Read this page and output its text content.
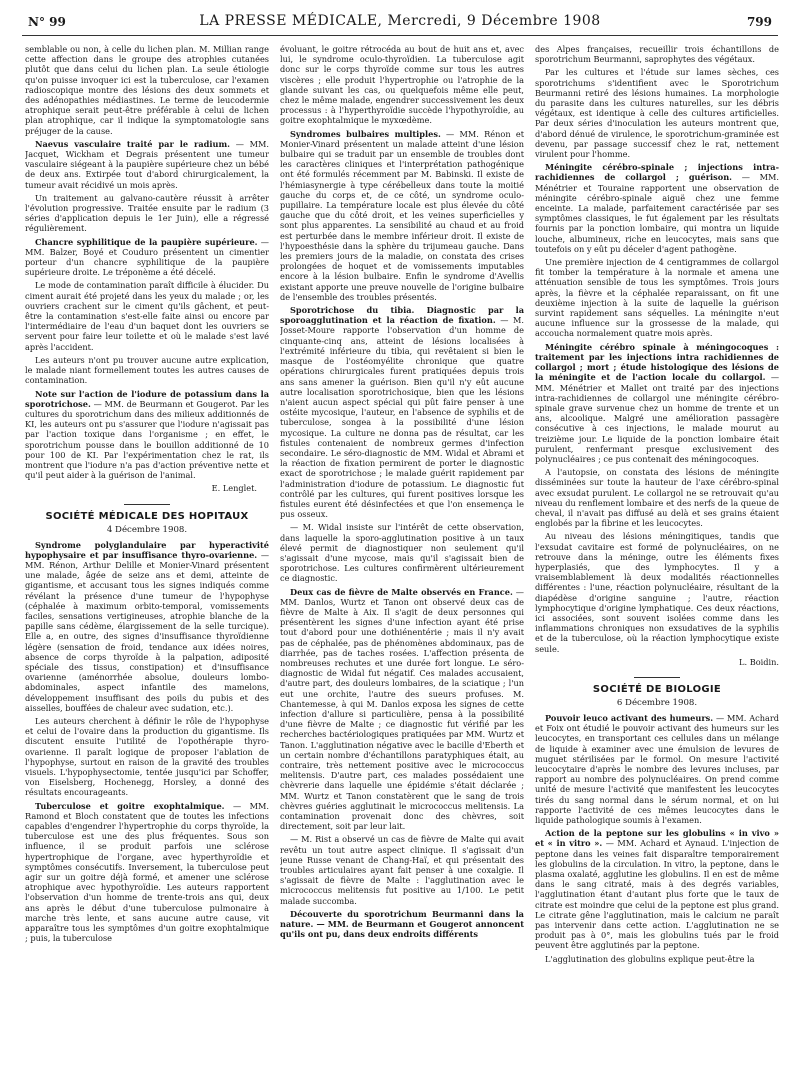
N° 99	LA PRESSE MÉDICALE, Mercredi, 9 Décembre 1908	799

semblable ou non, à celle du lichen plan. M. Millian range cette affection dans le groupe des atrophies cutanées plutôt que dans celui du lichen plan. La seule étiologie qu'on puisse invoquer ici est la tuberculose, car l'examen radioscopique montre des lésions des deux sommets et des adénopathies médiastines. Le terme de leucodermie atrophique serait peut-être préférable à celui de lichen plan atrophique, car il indique la symptomatologie sans préjuger de la cause.

Naevus vasculaire traité par le radium. — MM. Jacquet, Wickham et Degrais présentent une tumeur vasculaire siégeant à la paupière supérieure chez un bébé de deux ans. Extirpée tout d'abord chirurgicalement, la tumeur avait récidivé un mois après.

Un traitement au galvano-cautère réussit à arrêter l'évolution progressive. Traitée ensuite par le radium (3 séries d'application depuis le 1er Juin), elle a régressé régulièrement.

Chancre syphilitique de la paupière supérieure. — MM. Balzer, Boyé et Couduro présentent un cimentier porteur d'un chancre syphilitique de la paupière supérieure droite. Le tréponème a été décelé.

Le mode de contamination paraît difficile à élucider. Du ciment aurait été projeté dans les yeux du malade ; or, les ouvriers crachent sur le ciment qu'ils gâchent, et peut-être la contamination s'est-elle faite ainsi ou encore par l'intermédiaire de l'eau d'un baquet dont les ouvriers se servent pour faire leur toilette et où le malade s'est lavé après l'accident.

Les auteurs n'ont pu trouver aucune autre explication, le malade niant formellement toutes les autres causes de contamination.

Note sur l'action de l'iodure de potassium dans la sporotrichose. — MM. de Beurmann et Gougerot. Par les cultures du sporotrichum dans des milieux additionnés de KI, les auteurs ont pu s'assurer que l'iodure n'agissait pas par l'action toxique dans l'organisme ; en effet, le sporotrichum pousse dans le bouillon additionné de 10 pour 100 de KI. Par l'expérimentation chez le rat, ils montrent que l'iodure n'a pas d'action préventive nette et qu'il peut aider à la guérison de l'animal.

E. Lenglet.

SOCIÉTÉ MÉDICALE DES HOPITAUX
4 Décembre 1908.

Syndrome polyglandulaire par hyperactivité hypophysaire et par insuffisance thyro-ovarienne. — MM. Rénon, Arthur Delille et Monier-Vinard présentent une malade, âgée de seize ans et demi, atteinte de gigantisme, et accusant tous les signes indiqués comme révélant la présence d'une tumeur de l'hypophyse (céphalée à maximum orbito-temporal, vomissements faciles, sensations vertigineuses, atrophie blanche de la papille sans cédème, élargissement de la selle turcique). Elle a, en outre, des signes d'insuffisance thyroïdienne légère (sensation de froid, tendance aux idées noires, absence de corps thyroïde à la palpation, adiposité spéciale des tissus, constipation) et d'insuffisance ovarienne (aménorrhée absolue, douleurs lombo-abdominales, aspect infantile des mamelons, développement insuffisant des poils du pubis et des aisselles, bouffées de chaleur avec sudation, etc.).

Les auteurs cherchent à définir le rôle de l'hypophyse et celui de l'ovaire dans la production du gigantisme. Ils discutent ensuite l'utilité de l'opothérapie thyro-ovarienne. Il paraît logique de proposer l'ablation de l'hypophyse, surtout en raison de la gravité des troubles visuels. L'hypophysectomie, tentée jusqu'ici par Schoffer, von Eiselsberg, Hochenegg, Horsley, a donné des résultats encourageants.

Tuberculose et goitre exophtalmique. — MM. Ramond et Bloch constatent que de toutes les infections capables d'engendrer l'hypertrophie du corps thyroïde, la tuberculose est une des plus fréquentes. Sous son influence, il se produit parfois une sclérose hypertrophique de l'organe, avec hyperthyroïdie et symptômes consécutifs. Inversement, la tuberculose peut agir sur un goitre déjà formé, et amener une sclérose atrophique avec hypothyroïdie. Les auteurs rapportent l'observation d'un homme de trente-trois ans qui, deux ans après le début d'une tuberculose pulmonaire à marche très lente, et sans aucune autre cause, vit apparaître tous les symptômes d'un goitre exophtalmique ; puis, la tuberculose

évoluant, le goitre rétrocéda au bout de huit ans et, avec lui, le syndrome oculo-thyroïdien. La tuberculose agit donc sur le corps thyroïde comme sur tous les autres viscères ; elle produit l'hypertrophie ou l'atrophie de la glande suivant les cas, ou quelquefois même elle peut, chez le même malade, engendrer successivement les deux processus : à l'hyperthyroïdie succède l'hypothyroïdie, au goitre exophtalmique le myxœdème.

Syndromes bulbaires multiples. — MM. Rénon et Monier-Vinard présentent un malade atteint d'une lésion bulbaire qui se traduit par un ensemble de troubles dont les caractères cliniques et l'interprétation pathogénique ont été formulés récemment par M. Babinski. Il existe de l'hémiasynergie à type cérébelleux dans toute la moitié gauche du corps et, de ce côté, un syndrome oculo-pupillaire. La température locale est plus élevée du côté gauche que du côté droit, et les veines superficielles y sont plus apparentes. La sensibilité au chaud et au froid est perturbée dans le membre inférieur droit. Il existe de l'hypoesthésie dans la sphère du trijumeau gauche. Dans les premiers jours de la maladie, on constata des crises prolongées de hoquet et de vomissements imputables encore à la lésion bulbaire. Enfin le syndrome d'Avellis existant apporte une preuve nouvelle de l'origine bulbaire de l'ensemble des troubles présentés.

Sporotrichose du tibia. Diagnostic par la sporoagglutination et la réaction de fixation. — M. Josset-Moure rapporte l'observation d'un homme de cinquante-cinq ans, atteint de lésions localisées à l'extrémité inférieure du tibia, qui revêtaient si bien le masque de l'ostéomyélite chronique que quatre opérations chirurgicales furent pratiquées depuis trois ans sans amener la guérison. Bien qu'il n'y eût aucune autre localisation sporotrichosique, bien que les lésions n'aient aucun aspect spécial qui pût faire penser à une ostéite mycosique, l'auteur, en l'absence de syphilis et de tuberculose, songea à la possibilité d'une lésion mycosique. La culture ne donna pas de résultat, car les fistules contenaient de nombreux germes d'infection secondaire. Le séro-diagnostic de MM. Widal et Abrami et la réaction de fixation permirent de porter le diagnostic exact de sporotrichose ; le malade guérit rapidement par l'administration d'iodure de potassium. Le diagnostic fut contrôlé par les cultures, qui furent positives lorsque les fistules eurent été désinfectées et que l'on ensemença le pus osseux.

— M. Widal insiste sur l'intérêt de cette observation, dans laquelle la sporo-agglutination positive à un taux élevé permit de diagnostiquer non seulement qu'il s'agissait d'une mycose, mais qu'il s'agissait bien de sporotrichose. Les cultures confirmèrent ultérieurement ce diagnostic.

Deux cas de fièvre de Malte observés en France. — MM. Danlos, Wurtz et Tanon ont observé deux cas de fièvre de Malte à Aix. Il s'agit de deux personnes qui présentèrent les signes d'une infection ayant été prise tout d'abord pour une dothiénentérie ; mais il n'y avait pas de céphalée, pas de phénomènes abdominaux, pas de diarrhée, pas de taches rosées. L'affection présenta de nombreuses rechutes et une durée fort longue. Le séro-diagnostic de Widal fut négatif. Ces malades accusaient, d'autre part, des douleurs lombaires, de la sciatique ; l'un eut une orchite, l'autre des sueurs profuses. M. Chantemesse, à qui M. Danlos exposa les signes de cette infection d'allure si particulière, pensa à la possibilité d'une fièvre de Malte ; ce diagnostic fut vérifié par les recherches bactériologiques pratiquées par MM. Wurtz et Tanon. L'agglutination négative avec le bacille d'Eberth et un certain nombre d'échantillons paratyphiques était, au contraire, très nettement positive avec le micrococcus melitensis. D'autre part, ces malades possédaient une chèvrerie dans laquelle une épidémie s'était déclarée ; MM. Wurtz et Tanon constatèrent que le sang de trois chèvres guéries agglutinait le micrococcus melitensis. La contamination provenait donc des chèvres, soit directement, soit par leur lait.

— M. Rist a observé un cas de fièvre de Malte qui avait revêtu un tout autre aspect clinique. Il s'agissait d'un jeune Russe venant de Chang-Haï, et qui présentait des troubles articulaires ayant fait penser à une coxalgie. Il s'agissait de fièvre de Malte : l'agglutination avec le micrococcus melitensis fut positive au 1/100. Le petit malade succomba.

Découverte du sporotrichum Beurmanni dans la nature. — MM. de Beurmann et Gougerot annoncent qu'ils ont pu, dans deux endroits différents

des Alpes françaises, recueillir trois échantillons de sporotrichum Beurmanni, saprophytes des végétaux.

Par les cultures et l'étude sur lames sèches, ces sporotrichums s'identifient avec le Sporotrichum Beurmanni retiré des lésions humaines. La morphologie du parasite dans les cultures naturelles, sur les débris végétaux, est identique à celle des cultures artificielles. Par deux séries d'inoculation les auteurs montrent que, d'abord dénué de virulence, le sporotrichum-graminée est devenu, par passage successif chez le rat, nettement virulent pour l'homme.

Méningite cérébro-spinale ; injections intra-rachidiennes de collargol ; guérison. — MM. Ménétrier et Touraine rapportent une observation de méningite cérébro-spinale aiguë chez une femme enceinte. La malade, parfaitement caractérisée par ses symptômes classiques, le fut également par les résultats fournis par la ponction lombaire, qui montra un liquide louche, albumineux, riche en leucocytes, mais sans que toutefois on y eût pu déceler d'agent pathogène.

Une première injection de 4 centigrammes de collargol fit tomber la température à la normale et amena une atténuation sensible de tous les symptômes. Trois jours après, la fièvre et la céphalée reparaissant, on fit une deuxième injection à la suite de laquelle la guérison survint rapidement sans séquelles. La méningite n'eut aucune influence sur la grossesse de la malade, qui accoucha normalement quatre mois après.

Méningite cérébro spinale à méningocoques : traitement par les injections intra rachidiennes de collargol ; mort ; étude histologique des lésions de la méningite et de l'action locale du collargol. — MM. Ménétrier et Mallet ont traité par des injections intra-rachidiennes de collargol une méningite cérébro-spinale grave survenue chez un homme de trente et un ans, alcoolique. Malgré une amélioration passagère consécutive à ces injections, le malade mourut au treizième jour. Le liquide de la ponction lombaire était purulent, renfermant presque exclusivement des polynucléaires ; ce pus contenait des méningocoques.

A l'autopsie, on constata des lésions de méningite disséminées sur toute la hauteur de l'axe cérébro-spinal avec exsudat purulent. Le collargol ne se retrouvait qu'au niveau du renflement lombaire et des nerfs de la queue de cheval, il n'avait pas diffusé au delà et ses grains étaient englobés par la fibrine et les leucocytes.

Au niveau des lésions méningitiques, tandis que l'exsudat cavitaire est formé de polynucléaires, on ne retrouve dans la méninge, outre les éléments fixes hyperplasiés, que des lymphocytes. Il y a vraisemblablement là deux modalités réactionnelles différentes : l'une, réaction polynucléaire, résultant de la diapédèse d'origine sanguine ; l'autre, réaction lymphocytique d'origine lymphatique. Ces deux réactions, ici associées, sont souvent isolées comme dans les inflammations chroniques non exsudatives de la syphilis et de la tuberculose, où la réaction lymphocytique existe seule.

L. Boidin.

SOCIÉTÉ DE BIOLOGIE
6 Décembre 1908.

Pouvoir leuco activant des humeurs. — MM. Achard et Foix ont étudié le pouvoir activant des humeurs sur les leucocytes, en transportant ces cellules dans un mélange de liquide à examiner avec une émulsion de levures de muguet stérilisées par le formol. On mesure l'activité leucocytaire d'après le nombre des levures incluses, par rapport au nombre des polynucléaires. On prend comme unité de mesure l'activité que manifestent les leucocytes tirés du sang normal dans le sérum normal, et on lui rapporte l'activité de ces mêmes leucocytes dans le liquide pathologique soumis à l'examen.

Action de la peptone sur les globulins « in vivo » et « in vitro ». — MM. Achard et Aynaud. L'injection de peptone dans les veines fait disparaître temporairement les globulins de la circulation. In vitro, la peptone, dans le plasma oxalaté, agglutine les globulins. Il en est de même dans le sang citraté, mais à des degrés variables, l'agglutination étant d'autant plus forte que le taux de citrate est moindre que celui de la peptone est plus grand. Le citrate gêne l'agglutination, mais le calcium ne paraît pas intervenir dans cette action. L'agglutination ne se produit pas à 0°, mais les globulins tués par le froid peuvent être agglutinés par la peptone.

L'agglutination des globulins explique peut-être la
